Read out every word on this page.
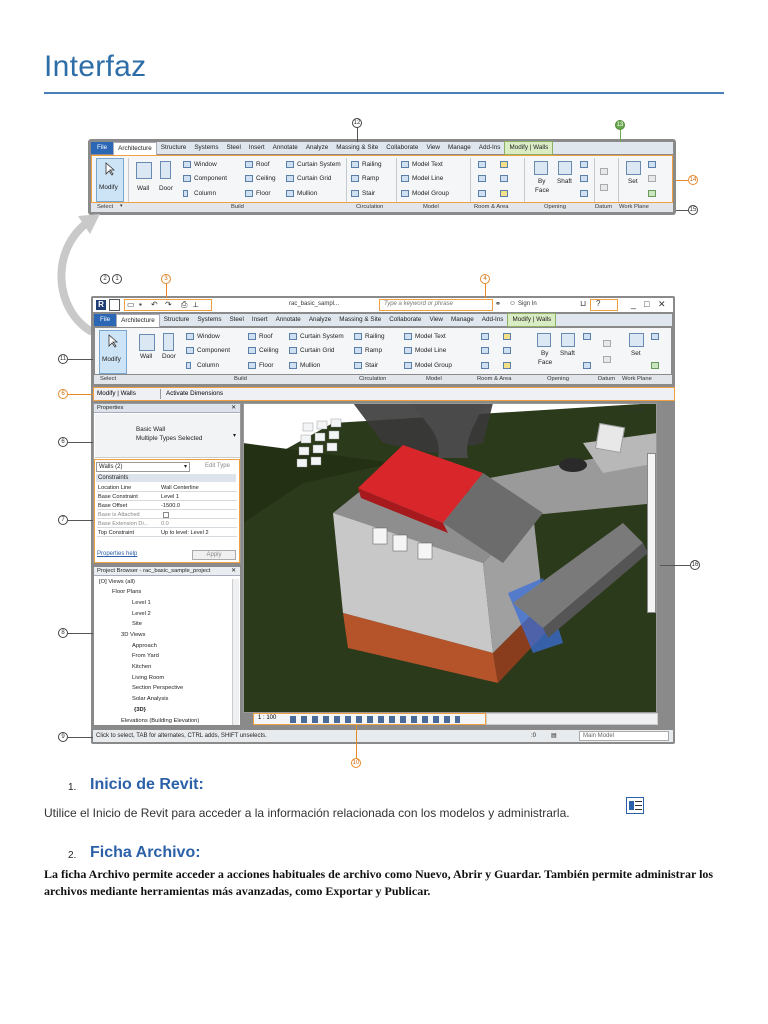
Interfaz
File	Architecture	Structure	Systems	Steel	Insert	Annotate	Analyze	Massing & Site	Collaborate	View	Manage	Add-Ins	Modify | Walls
Modify	Wall Door
Window
Component
Column
Roof
Ceiling
Floor
Curtain System
Curtain Grid
Mullion
Railing
Ramp
Stair
Model Text
Model Line
Model Group
By
Face
Shaft	Set
Select ▾	Build	Circulation	Model	Room & Area	Opening	Datum Work Plane
12	13
14
15
R	▭ ▪ ↶ ↷ ⎙ ⟂	rac_basic_sampl...	Type a keyword or phrase	⚭ ☺ Sign In	⊔ ?	_ □ ✕
File	Architecture	Structure	Systems	Steel	Insert	Annotate	Analyze	Massing & Site	Collaborate	View	Manage	Add-Ins	Modify | Walls
Modify	Wall Door
Window
Component
Column
Roof
Ceiling
Floor
Curtain System
Curtain Grid
Mullion
Railing
Ramp
Stair
Model Text
Model Line
Model Group
By
Face
Shaft	Set
Select	Build	Circulation	Model	Room & Area	Opening	Datum Work Plane
Modify | Walls	Activate Dimensions
Properties	✕
Basic Wall
Multiple Types Selected	▾
Walls (2)	▾	Edit Type
Constraints
Location Line	Wall Centerline
Base Constraint	Level 1
Base Offset	-1500.0
Base is Attached
Base Extension Di... 0.0
Top Constraint	Up to level: Level 2
Properties help	Apply
Project Browser - rac_basic_sample_project	✕
[O] Views (all)
Floor Plans
Level 1
Level 2
Site
3D Views
Approach
From Yard
Kitchen
Living Room
Section Perspective
Solar Analysis
{3D}
Elevations (Building Elevation)
▭▭ ✕
1 : 100
Click to select, TAB for alternates, CTRL adds, SHIFT unselects.	:0 ▤	Main Model
2	1	3	4
11
6
6
7
8
9
10
16
1. Inicio de Revit:
Utilice el Inicio de Revit para acceder a la información relacionada con los modelos y administrarla.
2. Ficha Archivo:
La ficha Archivo permite acceder a acciones habituales de archivo como Nuevo, Abrir y Guardar. También permite administrar los archivos mediante herramientas más avanzadas, como Exportar y Publicar.
